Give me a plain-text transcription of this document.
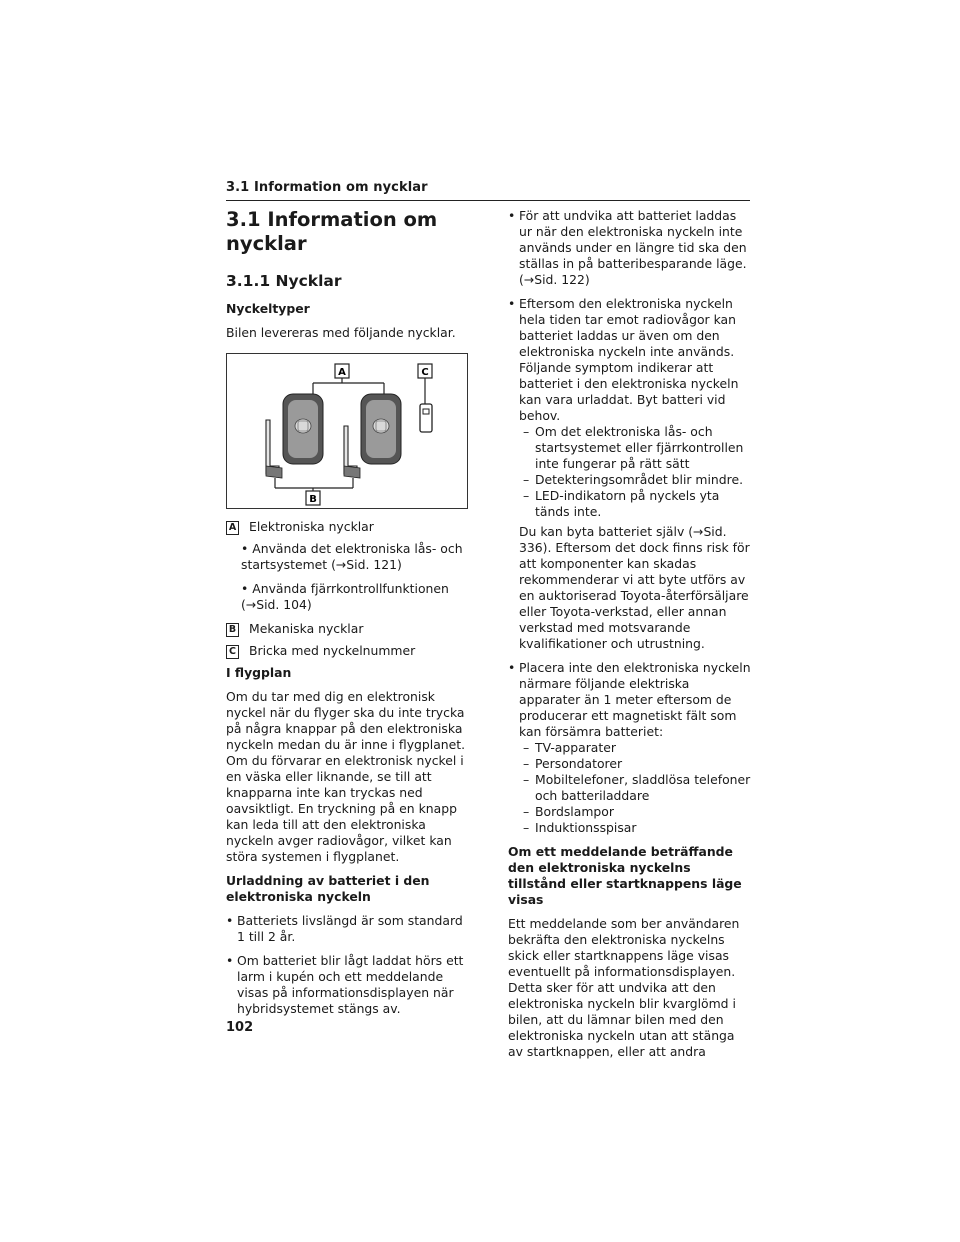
3.1 Information om nycklar
3.1 Information om nycklar
3.1.1 Nycklar
Nyckeltyper

Bilen levereras med följande nycklar.

A	C
B
A Elektroniska nycklar
• Använda det elektroniska lås- och startsystemet (→Sid. 121)
• Använda fjärrkontrollfunktionen (→Sid. 104)
B Mekaniska nycklar
C Bricka med nyckelnummer
I flygplan

Om du tar med dig en elektronisk nyckel när du flyger ska du inte trycka på några knappar på den elektroniska nyckeln medan du är inne i flygplanet. Om du förvarar en elektronisk nyckel i en väska eller liknande, se till att knapparna inte kan tryckas ned oavsiktligt. En tryckning på en knapp kan leda till att den elektroniska nyckeln avger radiovågor, vilket kan störa systemen i flygplanet.

Urladdning av batteriet i den elektroniska nyckeln
• Batteriets livslängd är som standard 1 till 2 år.
• Om batteriet blir lågt laddat hörs ett larm i kupén och ett meddelande visas på informationsdisplayen när hybridsystemet stängs av.
• För att undvika att batteriet laddas ur när den elektroniska nyckeln inte används under en längre tid ska den ställas in på batteribesparande läge. (→Sid. 122)
• Eftersom den elektroniska nyckeln hela tiden tar emot radiovågor kan batteriet laddas ur även om den elektroniska nyckeln inte används. Följande symptom indikerar att batteriet i den elektroniska nyckeln kan vara urladdat. Byt batteri vid behov.
– Om det elektroniska lås- och startsystemet eller fjärrkontrollen inte fungerar på rätt sätt
– Detekteringsområdet blir mindre.
– LED-indikatorn på nyckels yta tänds inte.
Du kan byta batteriet själv (→Sid. 336). Eftersom det dock finns risk för att komponenter kan skadas rekommenderar vi att byte utförs av en auktoriserad Toyota-återförsäljare eller Toyota-verkstad, eller annan verkstad med motsvarande kvalifikationer och utrustning.
• Placera inte den elektroniska nyckeln närmare följande elektriska apparater än 1 meter eftersom de producerar ett magnetiskt fält som kan försämra batteriet:
– TV-apparater
– Persondatorer
– Mobiltelefoner, sladdlösa telefoner och batteriladdare
– Bordslampor
– Induktionsspisar
Om ett meddelande beträffande den elektroniska nyckelns tillstånd eller startknappens läge visas

Ett meddelande som ber användaren bekräfta den elektroniska nyckelns skick eller startknappens läge visas eventuellt på informationsdisplayen. Detta sker för att undvika att den elektroniska nyckeln blir kvarglömd i bilen, att du lämnar bilen med den elektroniska nyckeln utan att stänga av startknappen, eller att andra

102
